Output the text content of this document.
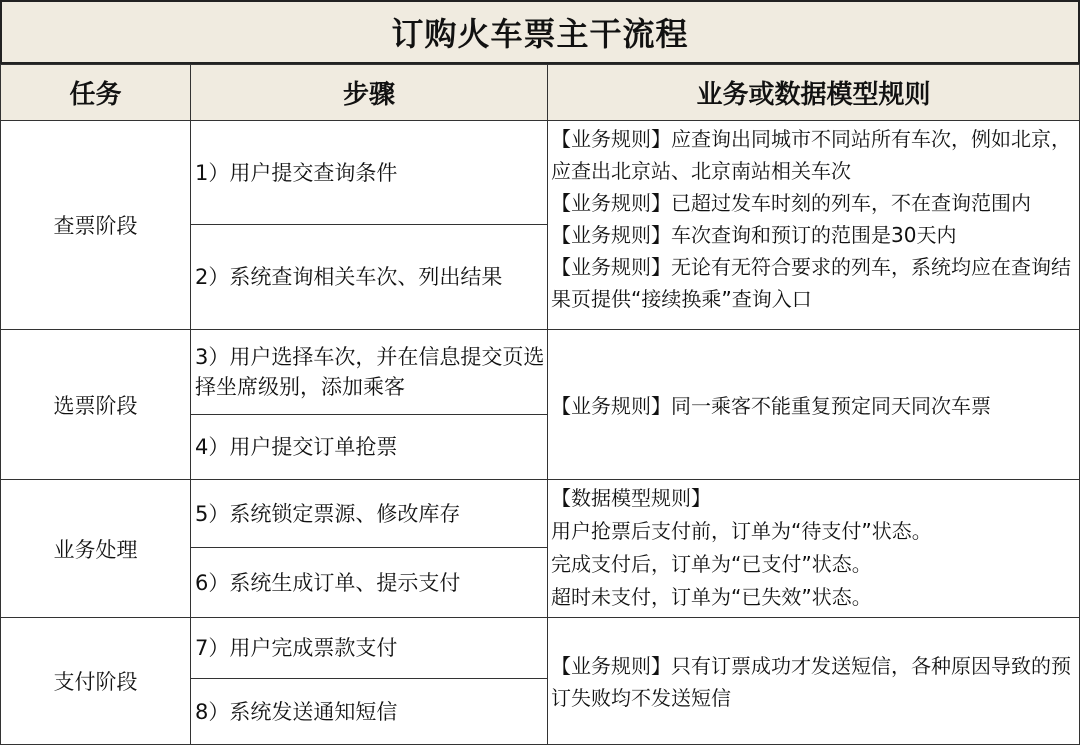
订购火车票主干流程
任务	步骤	业务或数据模型规则
查票阶段
1）用户提交查询条件
2）系统查询相关车次、列出结果

【业务规则】应查询出同城市不同站所有车次，例如北京，应查出北京站、北京南站相关车次

【业务规则】已超过发车时刻的列车，不在查询范围内

【业务规则】车次查询和预订的范围是30天内

【业务规则】无论有无符合要求的列车，系统均应在查询结果页提供“接续换乘”查询入口

选票阶段
3）用户选择车次，并在信息提交页选择坐席级别，添加乘客
4）用户提交订单抢票

【业务规则】同一乘客不能重复预定同天同次车票

业务处理
5）系统锁定票源、修改库存
6）系统生成订单、提示支付

【数据模型规则】

用户抢票后支付前，订单为“待支付”状态。

完成支付后，订单为“已支付”状态。

超时未支付，订单为“已失效”状态。

支付阶段
7）用户完成票款支付
8）系统发送通知短信

【业务规则】只有订票成功才发送短信，各种原因导致的预订失败均不发送短信
